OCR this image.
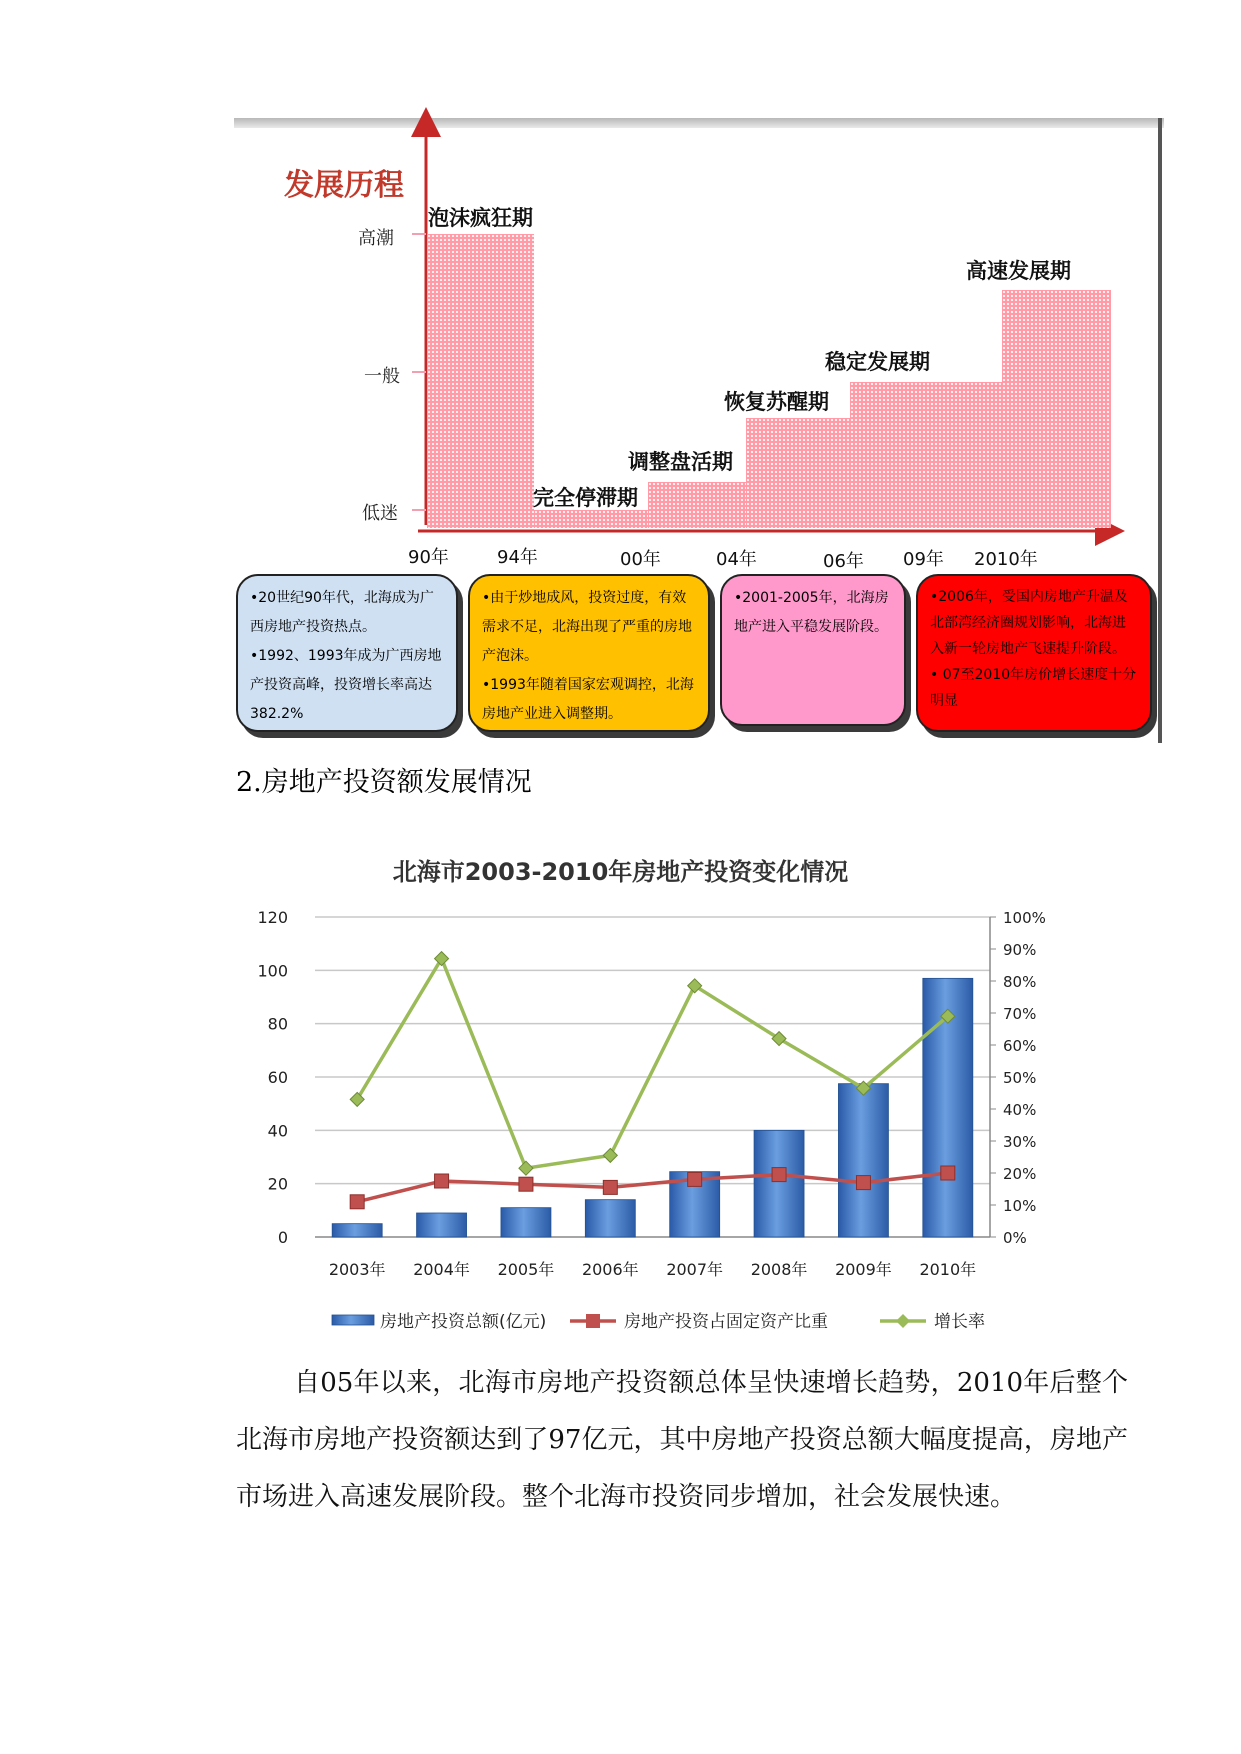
发展历程
高潮
一般
低迷
泡沫疯狂期
完全停滞期
调整盘活期
恢复苏醒期
稳定发展期
高速发展期
90年	94年	00年	04年	06年 09年 2010年

•20世纪90年代，北海成为广西房地产投资热点。

•1992、1993年成为广西房地产投资高峰，投资增长率高达382.2%

•由于炒地成风，投资过度，有效需求不足，北海出现了严重的房地产泡沫。

•1993年随着国家宏观调控，北海房地产业进入调整期。

•2001-2005年，北海房地产进入平稳发展阶段。

•2006年，受国内房地产升温及北部湾经济圈规划影响，北海进入新一轮房地产飞速提升阶段。

• 07至2010年房价增长速度十分明显

2.房地产投资额发展情况
北海市2003-2010年房地产投资变化情况
0
20
40
60
80
100
120
0%
10%
20%
30%
40%
50%
60%
70%
80%
90%
100%
2003年 2004年 2005年 2006年 2007年 2008年 2009年 2010年
房地产投资总额(亿元)	房地产投资占固定资产比重	增长率

自05年以来，北海市房地产投资额总体呈快速增长趋势，2010年后整个北海市房地产投资额达到了97亿元，其中房地产投资总额大幅度提高，房地产市场进入高速发展阶段。整个北海市投资同步增加，社会发展快速。
